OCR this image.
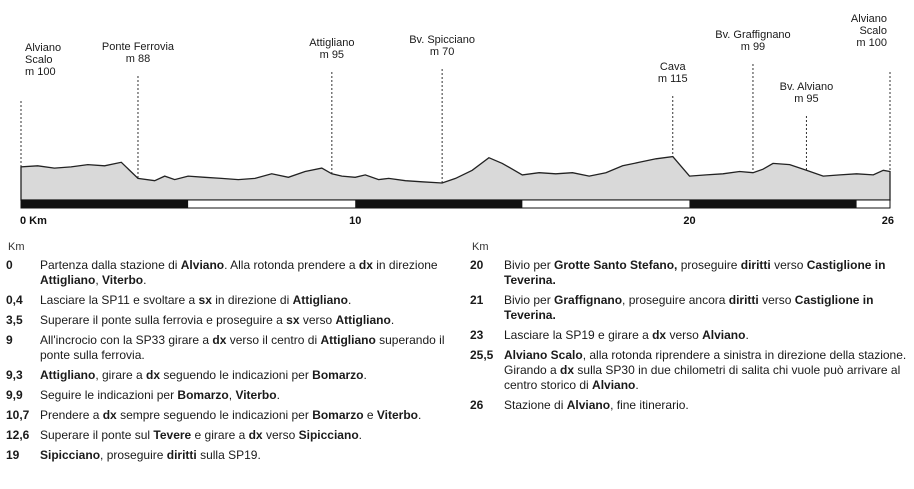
Alviano
Scalo
m 100
Ponte Ferrovia
m 88
Attigliano
m 95
Bv. Spicciano
m 70
Cava
m 115
Bv. Graffignano
m 99
Bv. Alviano
m 95
Alviano
Scalo
m 100
0 Km	10	20	26
Km
0	Partenza dalla stazione di Alviano. Alla rotonda prendere a dx in direzione Attigliano, Viterbo.
0,4	Lasciare la SP11 e svoltare a sx in direzione di Attigliano.
3,5	Superare il ponte sulla ferrovia e proseguire a sx verso Attigliano.
9	All'incrocio con la SP33 girare a dx verso il centro di Attigliano superando il ponte sulla ferrovia.
9,3	Attigliano, girare a dx seguendo le indicazioni per Bomarzo.
9,9	Seguire le indicazioni per Bomarzo, Viterbo.
10,7 Prendere a dx sempre seguendo le indicazioni per Bomarzo e Viterbo.
12,6 Superare il ponte sul Tevere e girare a dx verso Sipicciano.
19	Sipicciano, proseguire diritti sulla SP19.
Km
20	Bivio per Grotte Santo Stefano, proseguire diritti verso Castiglione in Teverina.
21	Bivio per Graffignano, proseguire ancora diritti verso Castiglione in Teverina.
23	Lasciare la SP19 e girare a dx verso Alviano.
25,5 Alviano Scalo, alla rotonda riprendere a sinistra in direzione della stazione. Girando a dx sulla SP30 in due chilometri di salita chi vuole può arrivare al centro storico di Alviano.
26	Stazione di Alviano, fine itinerario.
